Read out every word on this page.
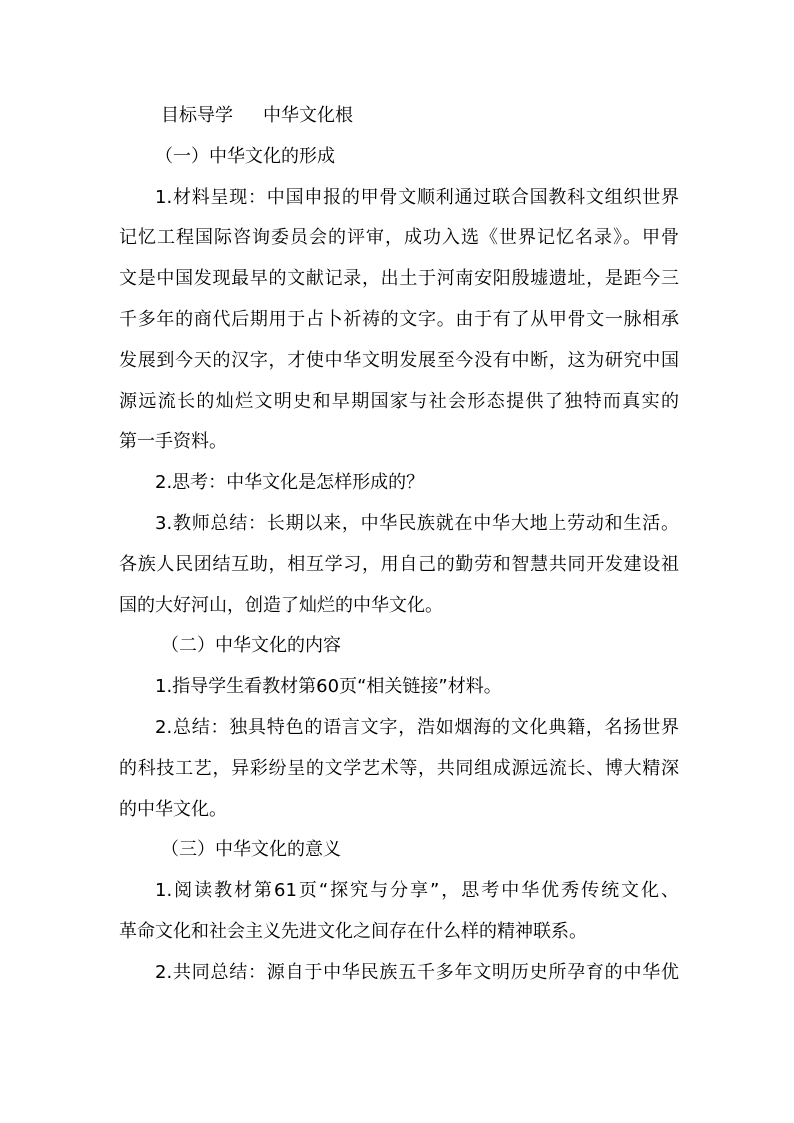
目标导学 中华文化根
（一）中华文化的形成
1.材料呈现：中国申报的甲骨文顺利通过联合国教科文组织世界
记忆工程国际咨询委员会的评审，成功入选《世界记忆名录》。甲骨
文是中国发现最早的文献记录，出土于河南安阳殷墟遗址，是距今三
千多年的商代后期用于占卜祈祷的文字。由于有了从甲骨文一脉相承
发展到今天的汉字，才使中华文明发展至今没有中断，这为研究中国
源远流长的灿烂文明史和早期国家与社会形态提供了独特而真实的
第一手资料。
2.思考：中华文化是怎样形成的？
3.教师总结：长期以来，中华民族就在中华大地上劳动和生活。
各族人民团结互助，相互学习，用自己的勤劳和智慧共同开发建设祖
国的大好河山，创造了灿烂的中华文化。
（二）中华文化的内容
1.指导学生看教材第60页“相关链接”材料。
2.总结：独具特色的语言文字，浩如烟海的文化典籍，名扬世界
的科技工艺，异彩纷呈的文学艺术等，共同组成源远流长、博大精深
的中华文化。
（三）中华文化的意义
1.阅读教材第61页“探究与分享”，思考中华优秀传统文化、
革命文化和社会主义先进文化之间存在什么样的精神联系。
2.共同总结：源自于中华民族五千多年文明历史所孕育的中华优
